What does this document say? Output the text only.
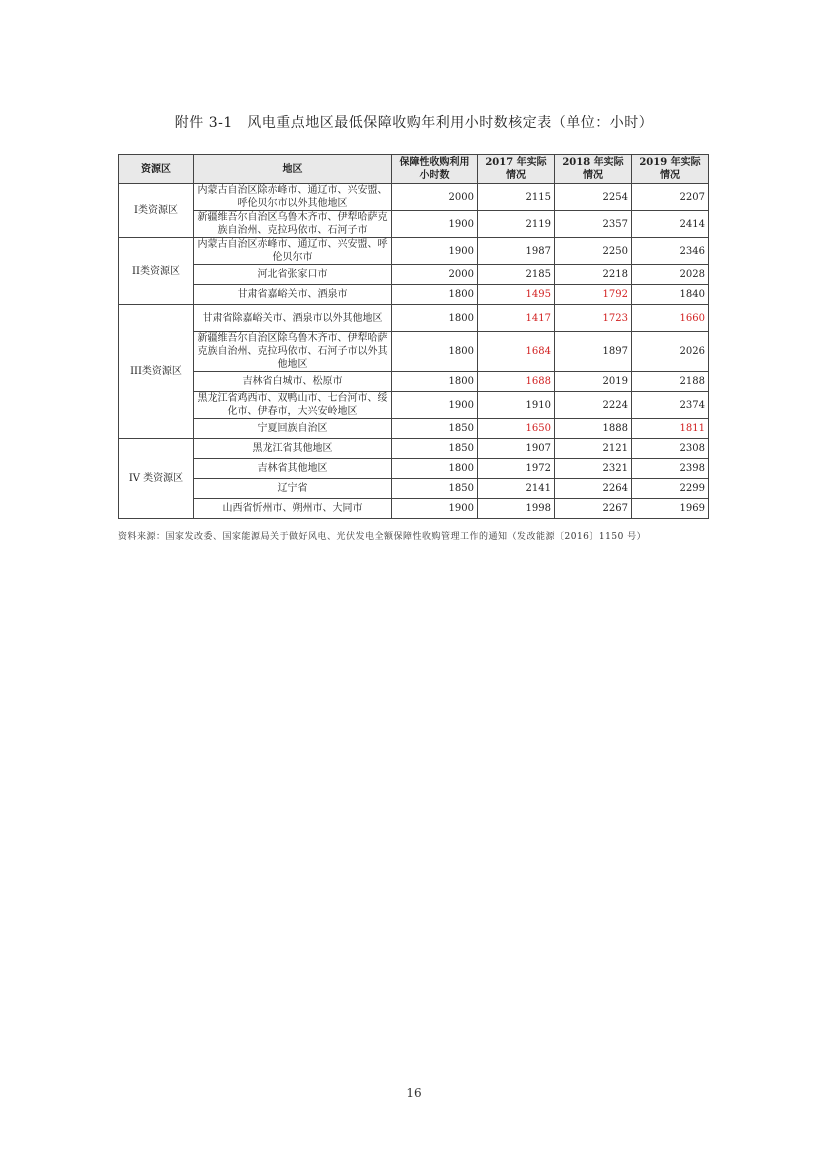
附件 3-1　风电重点地区最低保障收购年利用小时数核定表（单位：小时）
资源区	地区	保障性收购利用小时数	2017 年实际情况	2018 年实际情况	2019 年实际情况
I类资源区	内蒙古自治区除赤峰市、通辽市、兴安盟、呼伦贝尔市以外其他地区	2000	2115	2254	2207
	新疆维吾尔自治区乌鲁木齐市、伊犁哈萨克族自治州、克拉玛依市、石河子市	1900	2119	2357	2414
II类资源区	内蒙古自治区赤峰市、通辽市、兴安盟、呼伦贝尔市	1900	1987	2250	2346
	河北省张家口市	2000	2185	2218	2028
	甘肃省嘉峪关市、酒泉市	1800	1495	1792	1840
III类资源区	甘肃省除嘉峪关市、酒泉市以外其他地区	1800	1417	1723	1660
	新疆维吾尔自治区除乌鲁木齐市、伊犁哈萨克族自治州、克拉玛依市、石河子市以外其他地区	1800	1684	1897	2026
	吉林省白城市、松原市	1800	1688	2019	2188
	黑龙江省鸡西市、双鸭山市、七台河市、绥化市、伊春市，大兴安岭地区	1900	1910	2224	2374
	宁夏回族自治区	1850	1650	1888	1811
IV 类资源区	黑龙江省其他地区	1850	1907	2121	2308
	吉林省其他地区	1800	1972	2321	2398
	辽宁省	1850	2141	2264	2299
	山西省忻州市、朔州市、大同市	1900	1998	2267	1969
资料来源：国家发改委、国家能源局关于做好风电、光伏发电全额保障性收购管理工作的通知（发改能源〔2016〕1150 号）
16
